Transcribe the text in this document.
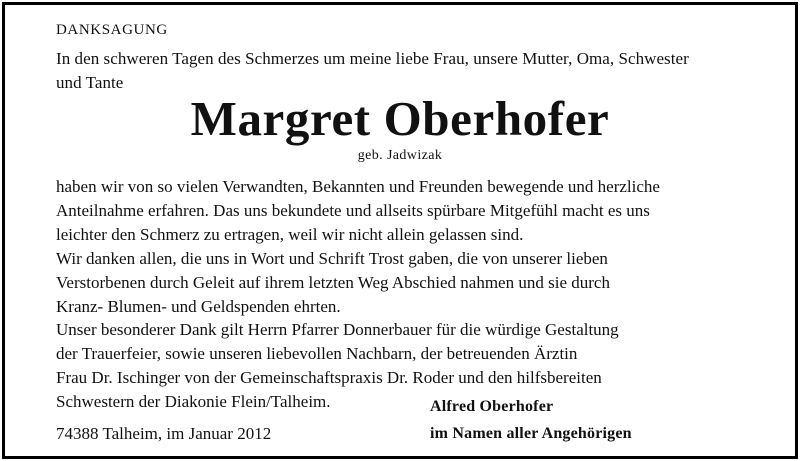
DANKSAGUNG
In den schweren Tagen des Schmerzes um meine liebe Frau, unsere Mutter, Oma, Schwester
und Tante
Margret Oberhofer
geb. Jadwizak
haben wir von so vielen Verwandten, Bekannten und Freunden bewegende und herzliche
Anteilnahme erfahren. Das uns bekundete und allseits spürbare Mitgefühl macht es uns
leichter den Schmerz zu ertragen, weil wir nicht allein gelassen sind.
Wir danken allen, die uns in Wort und Schrift Trost gaben, die von unserer lieben
Verstorbenen durch Geleit auf ihrem letzten Weg Abschied nahmen und sie durch
Kranz- Blumen- und Geldspenden ehrten.
Unser besonderer Dank gilt Herrn Pfarrer Donnerbauer für die würdige Gestaltung
der Trauerfeier, sowie unseren liebevollen Nachbarn, der betreuenden Ärztin
Frau Dr. Ischinger von der Gemeinschaftspraxis Dr. Roder und den hilfsbereiten
Schwestern der Diakonie Flein/Talheim.	Alfred Oberhofer
im Namen aller Angehörigen
74388 Talheim, im Januar 2012
